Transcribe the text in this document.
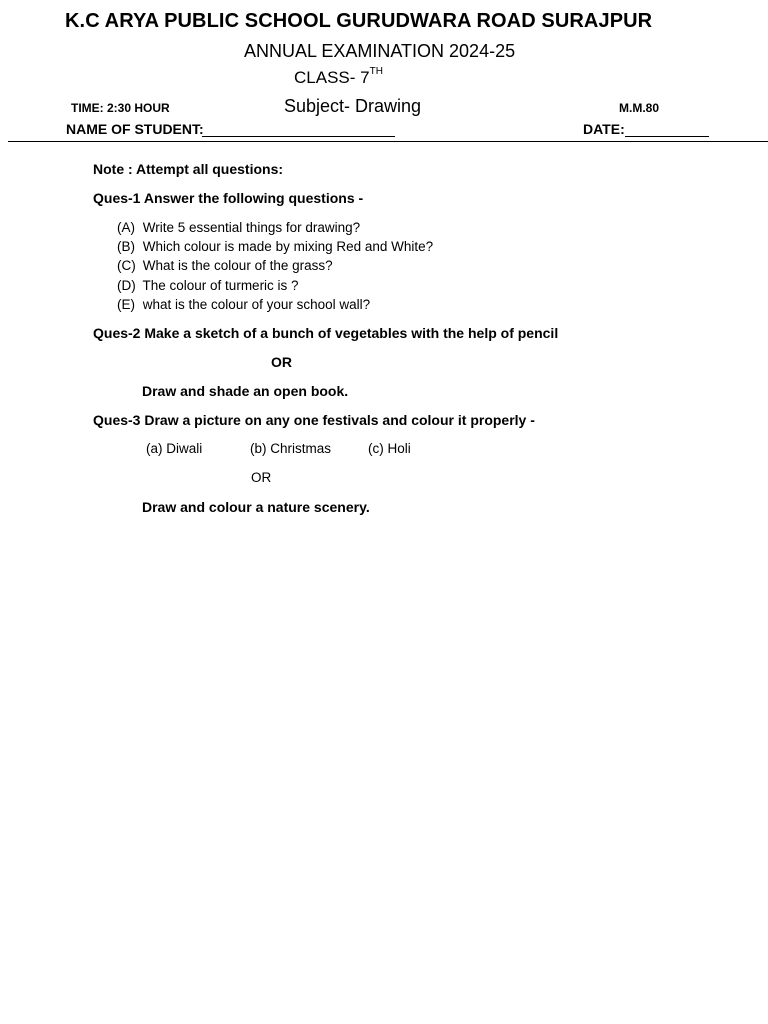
K.C ARYA PUBLIC SCHOOL GURUDWARA ROAD SURAJPUR
ANNUAL EXAMINATION 2024-25
CLASS- 7TH
TIME: 2:30 HOUR	Subject- Drawing	M.M.80
NAME OF STUDENT:	DATE:
Note : Attempt all questions:
Ques-1 Answer the following questions -
(A) Write 5 essential things for drawing?
(B) Which colour is made by mixing Red and White?
(C) What is the colour of the grass?
(D) The colour of turmeric is ?
(E) what is the colour of your school wall?
Ques-2 Make a sketch of a bunch of vegetables with the help of pencil
OR
Draw and shade an open book.
Ques-3 Draw a picture on any one festivals and colour it properly -
(a) Diwali	(b) Christmas	(c) Holi
OR
Draw and colour a nature scenery.
